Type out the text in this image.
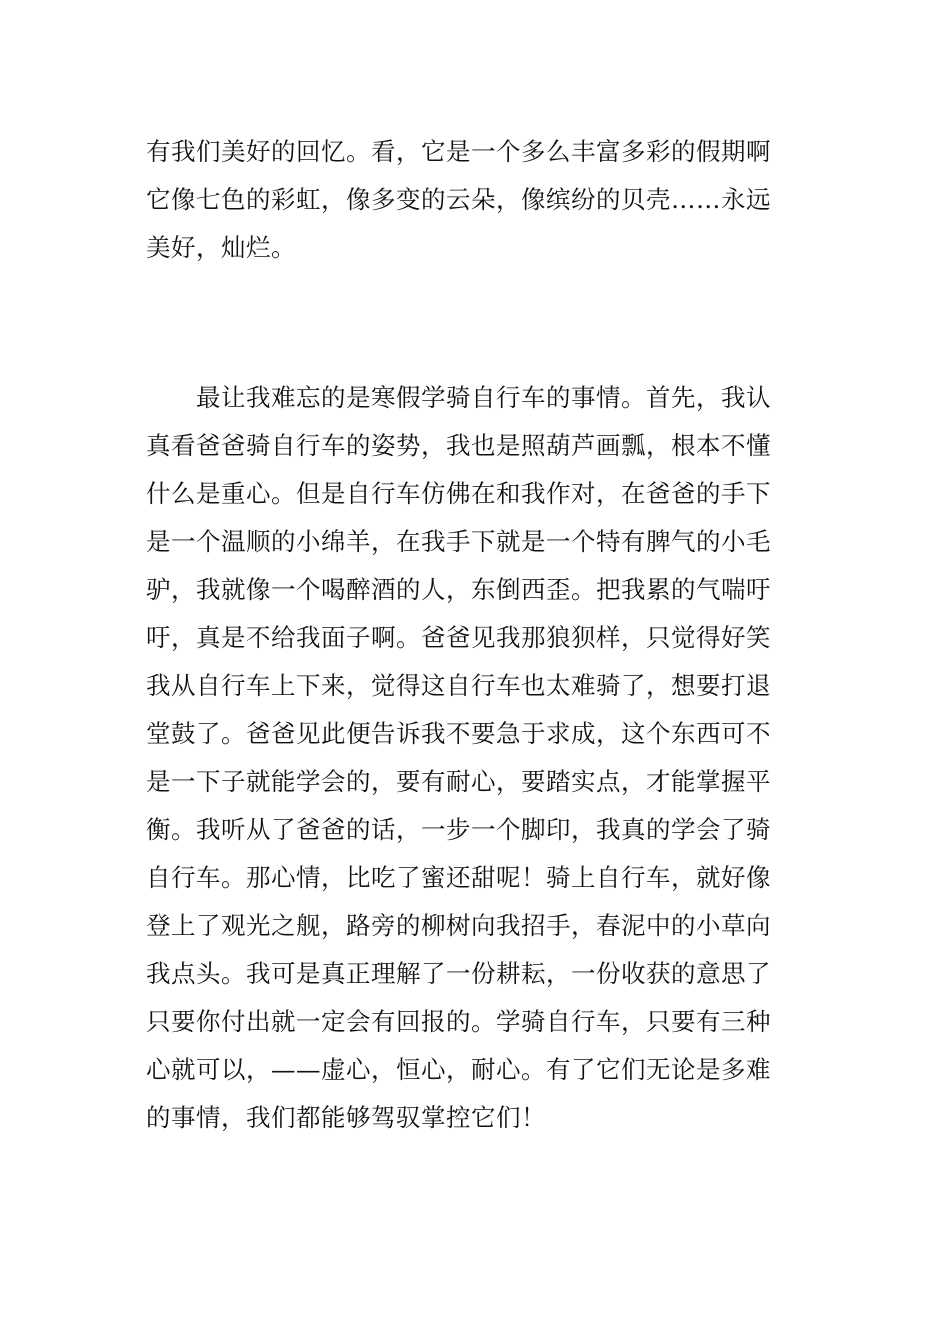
有我们美好的回忆。看，它是一个多么丰富多彩的假期啊
它像七色的彩虹，像多变的云朵，像缤纷的贝壳……永远
美好，灿烂。
最让我难忘的是寒假学骑自行车的事情。首先，我认
真看爸爸骑自行车的姿势，我也是照葫芦画瓢，根本不懂
什么是重心。但是自行车仿佛在和我作对，在爸爸的手下
是一个温顺的小绵羊，在我手下就是一个特有脾气的小毛
驴，我就像一个喝醉酒的人，东倒西歪。把我累的气喘吁
吁，真是不给我面子啊。爸爸见我那狼狈样，只觉得好笑
我从自行车上下来，觉得这自行车也太难骑了，想要打退
堂鼓了。爸爸见此便告诉我不要急于求成，这个东西可不
是一下子就能学会的，要有耐心，要踏实点，才能掌握平
衡。我听从了爸爸的话，一步一个脚印，我真的学会了骑
自行车。那心情，比吃了蜜还甜呢！骑上自行车，就好像
登上了观光之舰，路旁的柳树向我招手，春泥中的小草向
我点头。我可是真正理解了一份耕耘，一份收获的意思了
只要你付出就一定会有回报的。学骑自行车，只要有三种
心就可以，——虚心，恒心，耐心。有了它们无论是多难
的事情，我们都能够驾驭掌控它们！
